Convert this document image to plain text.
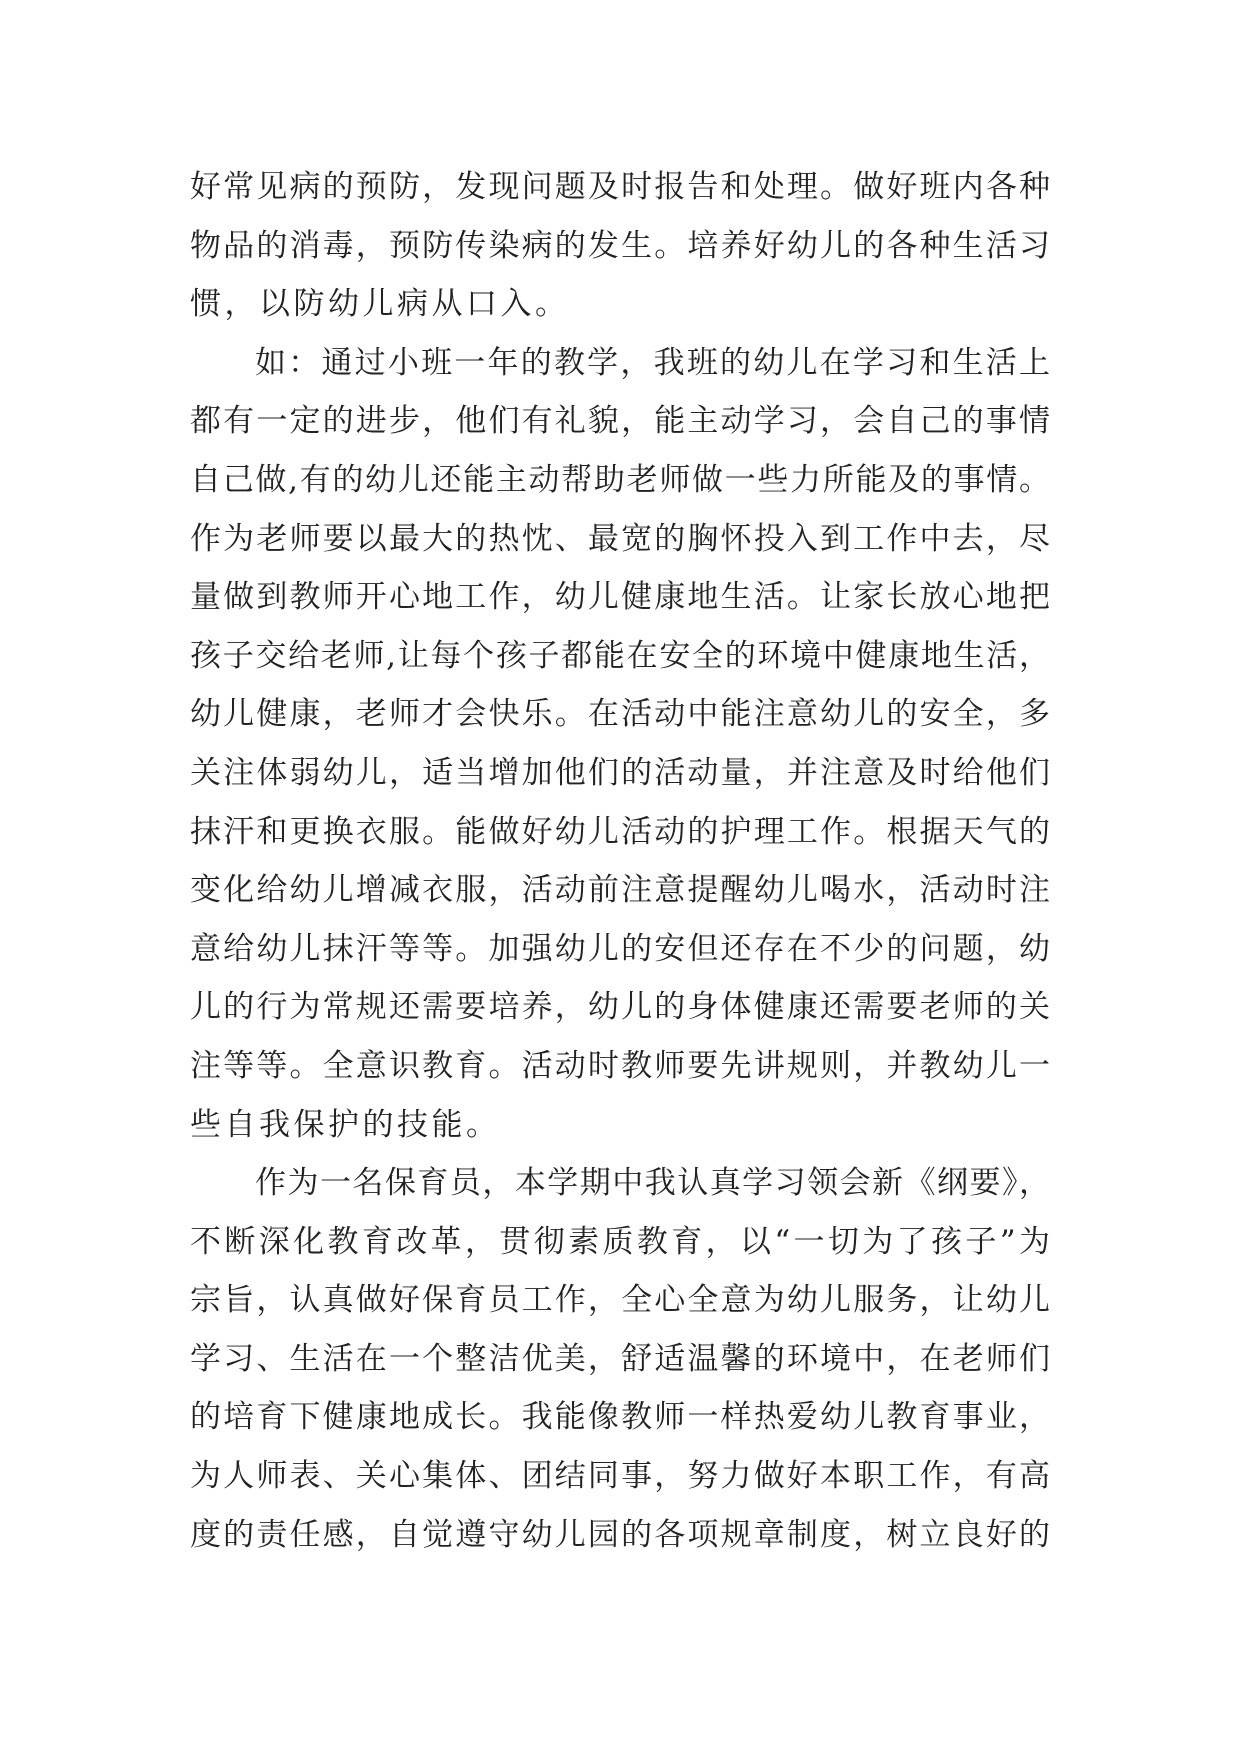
好常见病的预防，发现问题及时报告和处理。做好班内各种
物品的消毒，预防传染病的发生。培养好幼儿的各种生活习
惯，以防幼儿病从口入。
如：通过小班一年的教学，我班的幼儿在学习和生活上
都有一定的进步，他们有礼貌，能主动学习，会自己的事情
自己做,有的幼儿还能主动帮助老师做一些力所能及的事情。
作为老师要以最大的热忱、最宽的胸怀投入到工作中去，尽
量做到教师开心地工作，幼儿健康地生活。让家长放心地把
孩子交给老师,让每个孩子都能在安全的环境中健康地生活，
幼儿健康，老师才会快乐。在活动中能注意幼儿的安全，多
关注体弱幼儿，适当增加他们的活动量，并注意及时给他们
抹汗和更换衣服。能做好幼儿活动的护理工作。根据天气的
变化给幼儿增减衣服，活动前注意提醒幼儿喝水，活动时注
意给幼儿抹汗等等。加强幼儿的安但还存在不少的问题，幼
儿的行为常规还需要培养，幼儿的身体健康还需要老师的关
注等等。全意识教育。活动时教师要先讲规则，并教幼儿一
些自我保护的技能。
作为一名保育员，本学期中我认真学习领会新《纲要》，
不断深化教育改革，贯彻素质教育，以“一切为了孩子”为
宗旨，认真做好保育员工作，全心全意为幼儿服务，让幼儿
学习、生活在一个整洁优美，舒适温馨的环境中，在老师们
的培育下健康地成长。我能像教师一样热爱幼儿教育事业，
为人师表、关心集体、团结同事，努力做好本职工作，有高
度的责任感，自觉遵守幼儿园的各项规章制度，树立良好的
